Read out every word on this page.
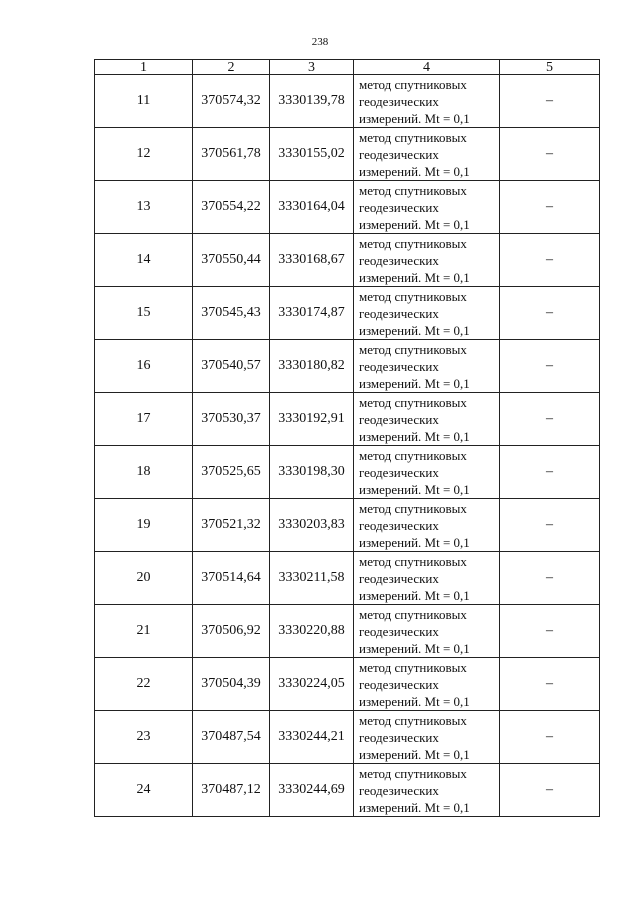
238
1	2	3	4	5
11	370574,32	3330139,78	метод спутниковых
геодезических
измерений. Mt = 0,1	–
12	370561,78	3330155,02	метод спутниковых
геодезических
измерений. Mt = 0,1	–
13	370554,22	3330164,04	метод спутниковых
геодезических
измерений. Mt = 0,1	–
14	370550,44	3330168,67	метод спутниковых
геодезических
измерений. Mt = 0,1	–
15	370545,43	3330174,87	метод спутниковых
геодезических
измерений. Mt = 0,1	–
16	370540,57	3330180,82	метод спутниковых
геодезических
измерений. Mt = 0,1	–
17	370530,37	3330192,91	метод спутниковых
геодезических
измерений. Mt = 0,1	–
18	370525,65	3330198,30	метод спутниковых
геодезических
измерений. Mt = 0,1	–
19	370521,32	3330203,83	метод спутниковых
геодезических
измерений. Mt = 0,1	–
20	370514,64	3330211,58	метод спутниковых
геодезических
измерений. Mt = 0,1	–
21	370506,92	3330220,88	метод спутниковых
геодезических
измерений. Mt = 0,1	–
22	370504,39	3330224,05	метод спутниковых
геодезических
измерений. Mt = 0,1	–
23	370487,54	3330244,21	метод спутниковых
геодезических
измерений. Mt = 0,1	–
24	370487,12	3330244,69	метод спутниковых
геодезических
измерений. Mt = 0,1	–
